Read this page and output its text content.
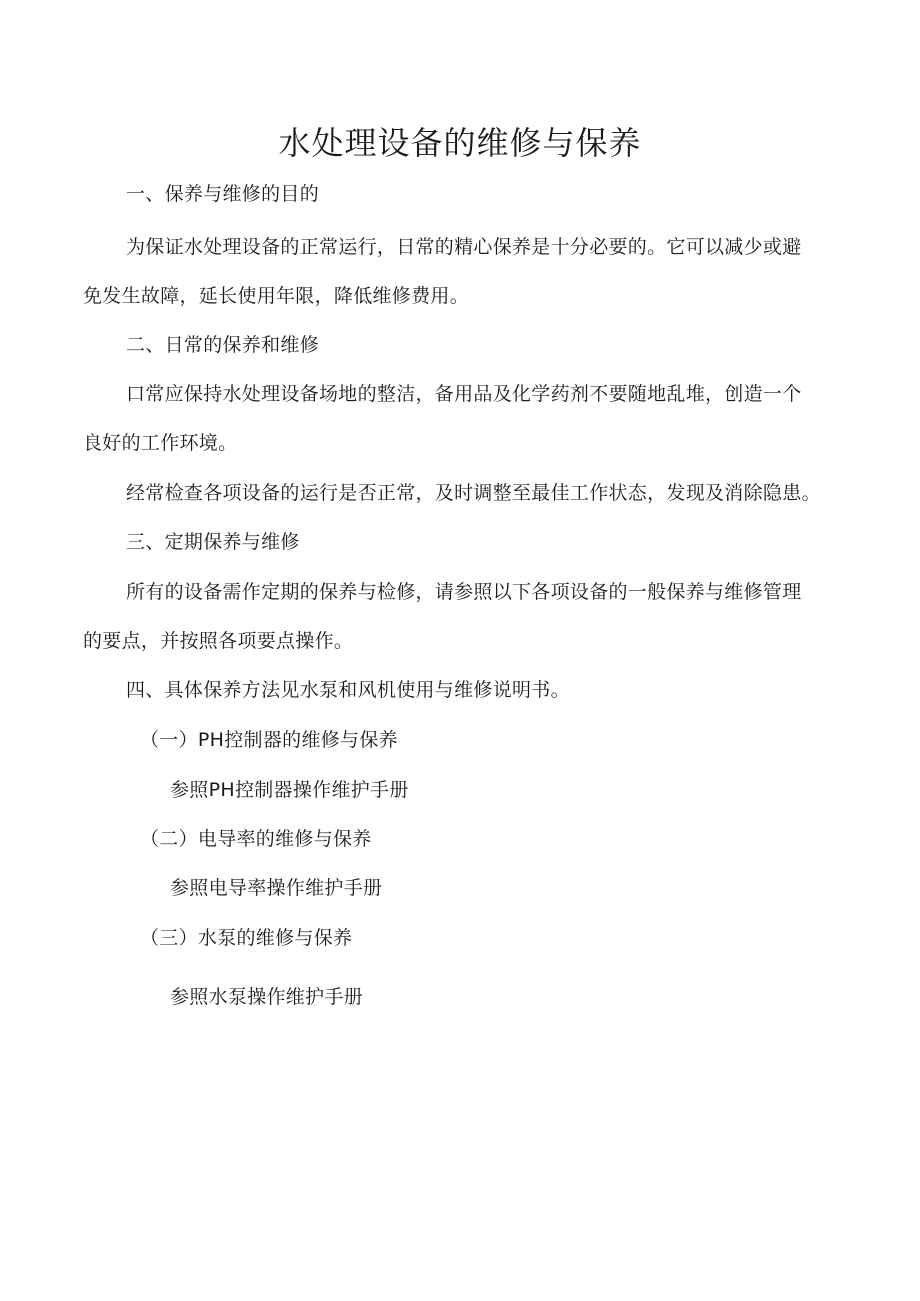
水处理设备的维修与保养

一、保养与维修的目的

为保证水处理设备的正常运行，日常的精心保养是十分必要的。它可以减少或避

免发生故障，延长使用年限，降低维修费用。

二、日常的保养和维修

口常应保持水处理设备场地的整洁，备用品及化学药剂不要随地乱堆，创造一个

良好的工作环境。

经常检查各项设备的运行是否正常，及时调整至最佳工作状态，发现及消除隐患。

三、定期保养与维修

所有的设备需作定期的保养与检修，请参照以下各项设备的一般保养与维修管理

的要点，并按照各项要点操作。

四、具体保养方法见水泵和风机使用与维修说明书。

（一）PH控制器的维修与保养

参照PH控制器操作维护手册

（二）电导率的维修与保养

参照电导率操作维护手册

（三）水泵的维修与保养

参照水泵操作维护手册
